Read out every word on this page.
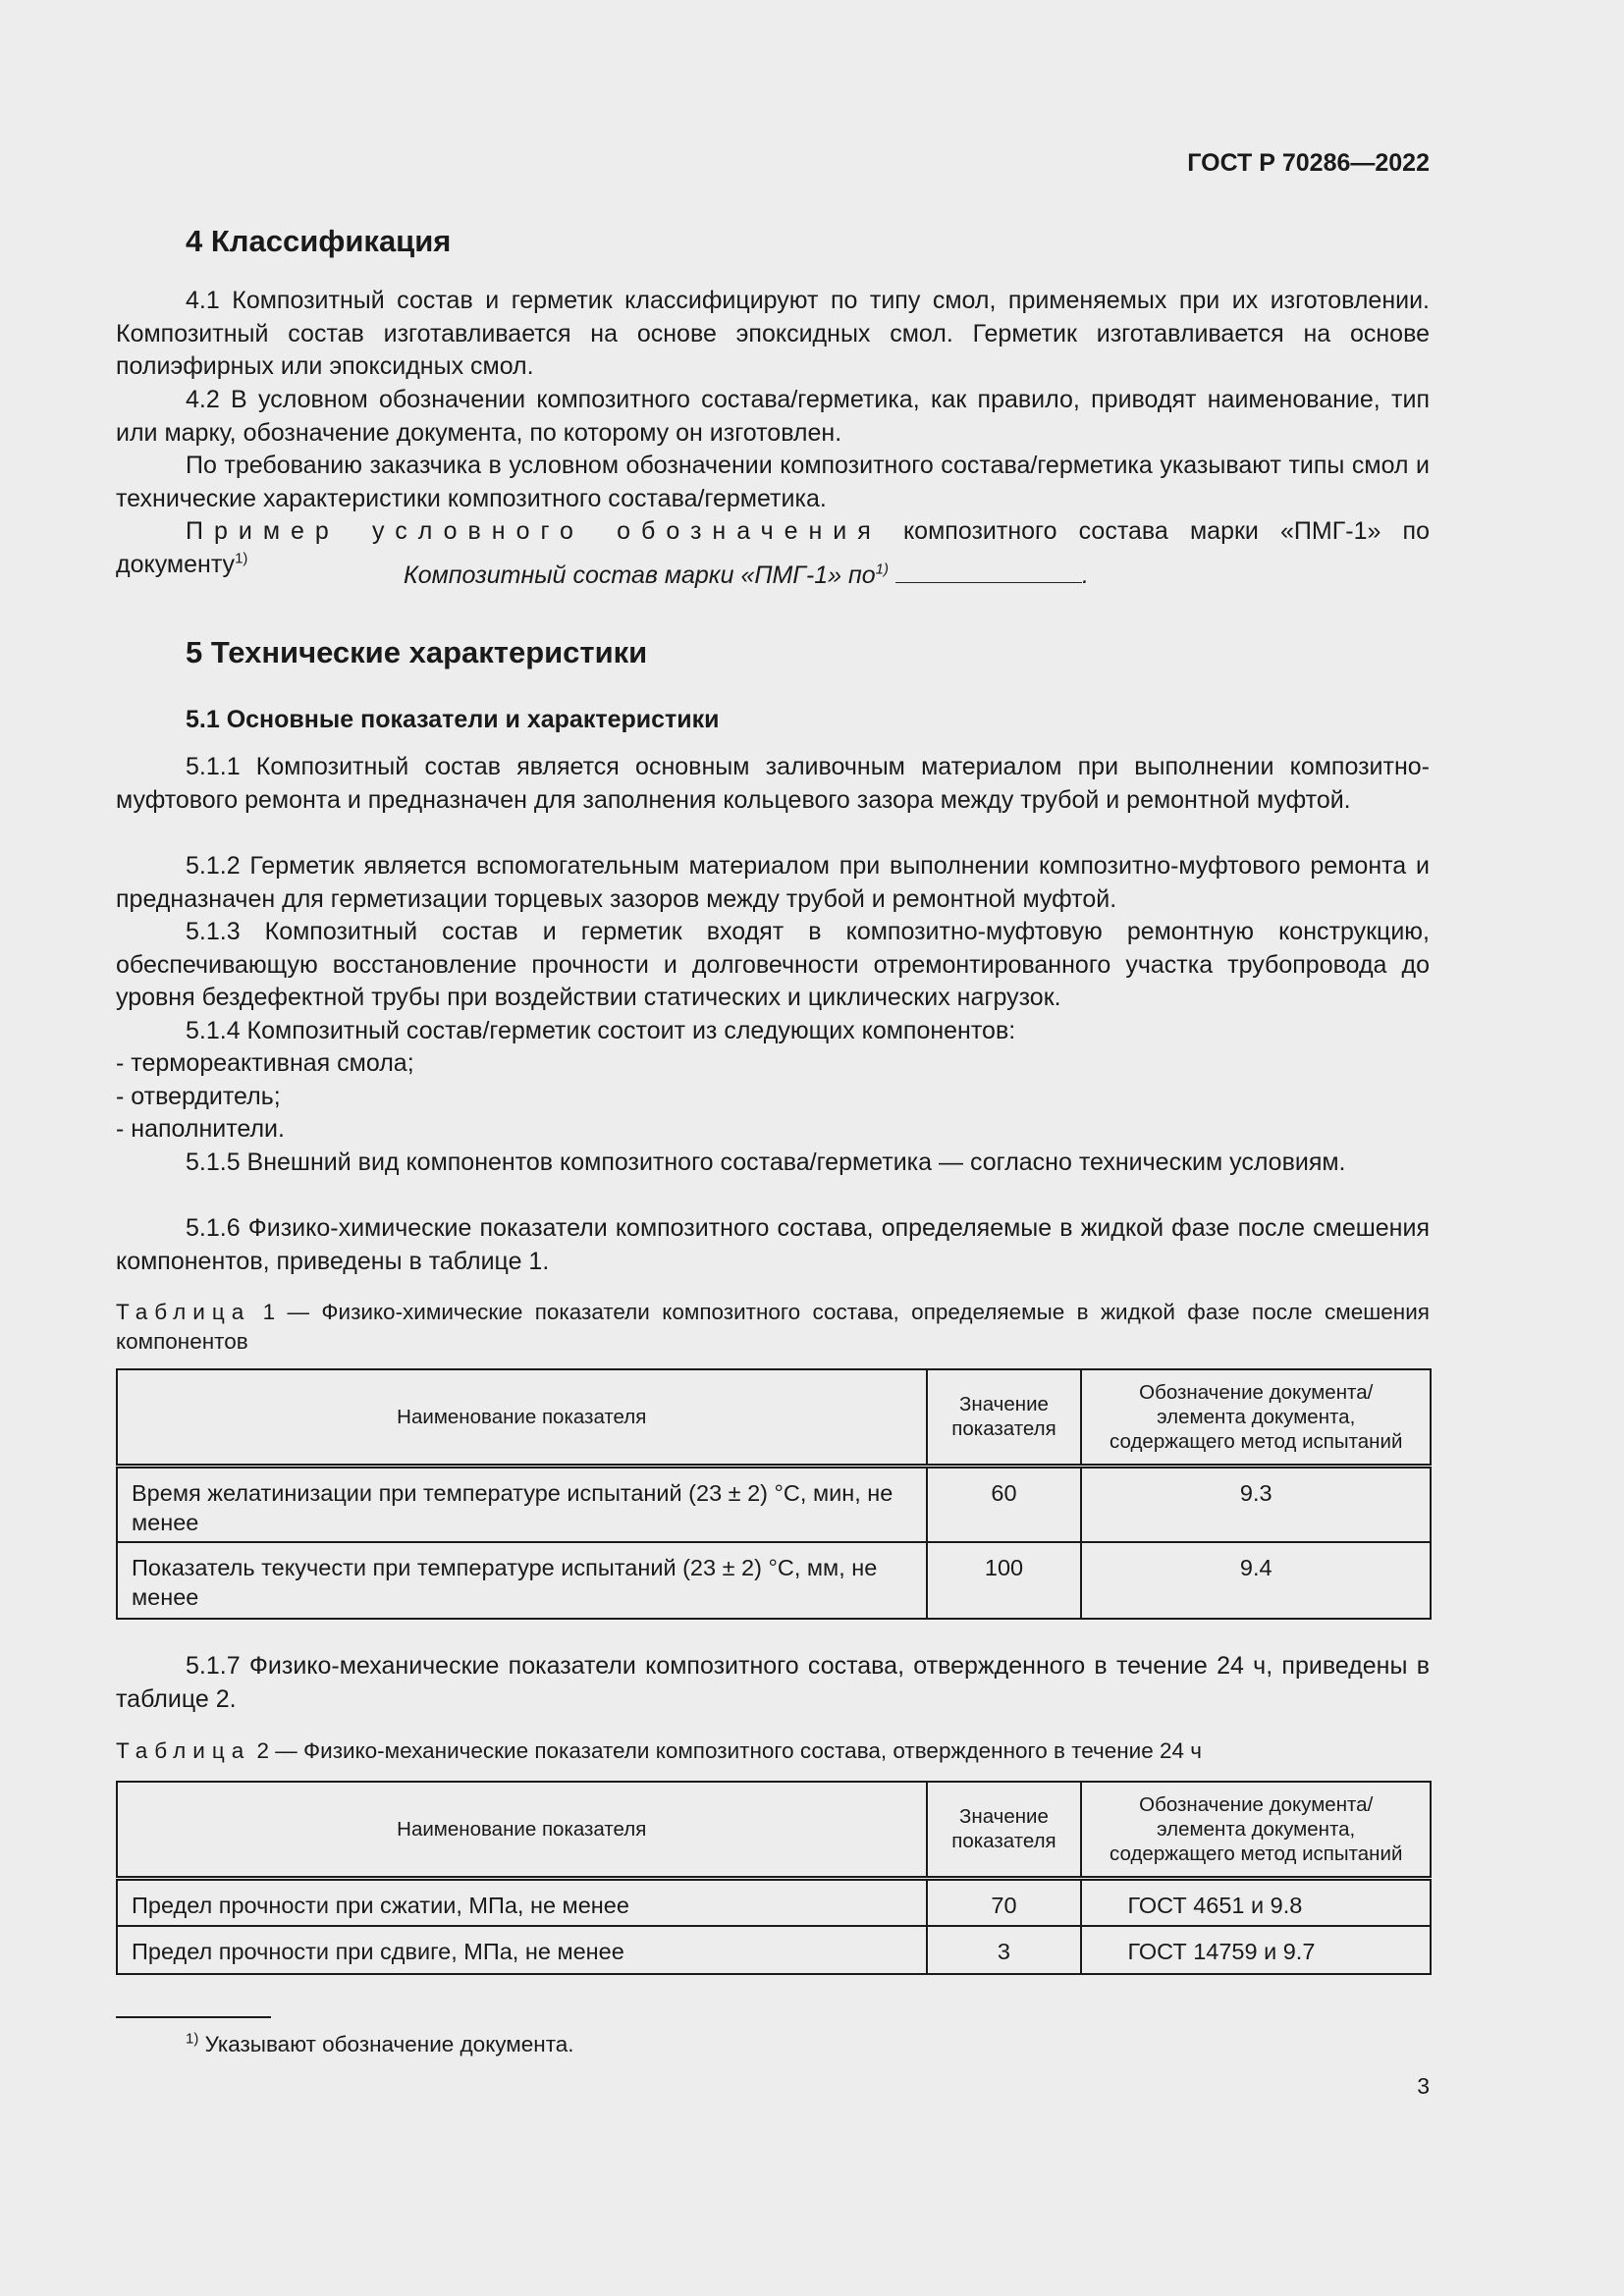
ГОСТ Р 70286—2022
4 Классификация
4.1 Композитный состав и герметик классифицируют по типу смол, применяемых при их изготовлении. Композитный состав изготавливается на основе эпоксидных смол. Герметик изготавливается на основе полиэфирных или эпоксидных смол.
4.2 В условном обозначении композитного состава/герметика, как правило, приводят наименование, тип или марку, обозначение документа, по которому он изготовлен.
По требованию заказчика в условном обозначении композитного состава/герметика указывают типы смол и технические характеристики композитного состава/герметика.
Пример условного обозначения композитного состава марки «ПМГ-1» по документу$^{1)}$
Композитный состав марки «ПМГ-1» $по^{1)}$	.
5 Технические характеристики
5.1 Основные показатели и характеристики
5.1.1 Композитный состав является основным заливочным материалом при выполнении композитно-муфтового ремонта и предназначен для заполнения кольцевого зазора между трубой и ремонтной муфтой.
5.1.2 Герметик является вспомогательным материалом при выполнении композитно-муфтового ремонта и предназначен для герметизации торцевых зазоров между трубой и ремонтной муфтой.
5.1.3 Композитный состав и герметик входят в композитно-муфтовую ремонтную конструкцию, обеспечивающую восстановление прочности и долговечности отремонтированного участка трубопровода до уровня бездефектной трубы при воздействии статических и циклических нагрузок.
5.1.4 Композитный состав/герметик состоит из следующих компонентов:
- термореактивная смола;
- отвердитель;
- наполнители.
5.1.5 Внешний вид компонентов композитного состава/герметика — согласно техническим условиям.
5.1.6 Физико-химические показатели композитного состава, определяемые в жидкой фазе после смешения компонентов, приведены в таблице 1.
Таблица 1 — Физико-химические показатели композитного состава, определяемые в жидкой фазе после смешения компонентов
Наименование показателя	Значение показателя	Обозначение документа/ элемента документа, содержащего метод испытаний
Время желатинизации при температуре испытаний (23 ± 2) °С, мин, не менее	60	9.3
Показатель текучести при температуре испытаний (23 ± 2) °С, мм, не менее	100	9.4
5.1.7 Физико-механические показатели композитного состава, отвержденного в течение 24 ч, приведены в таблице 2.
Таблица 2 — Физико-механические показатели композитного состава, отвержденного в течение 24 ч
Наименование показателя	Значение показателя	Обозначение документа/ элемента документа, содержащего метод испытаний
Предел прочности при сжатии, МПа, не менее	70	ГОСТ 4651 и 9.8
Предел прочности при сдвиге, МПа, не менее	3	ГОСТ 14759 и 9.7
$^{1)}$ Указывают обозначение документа.
3
